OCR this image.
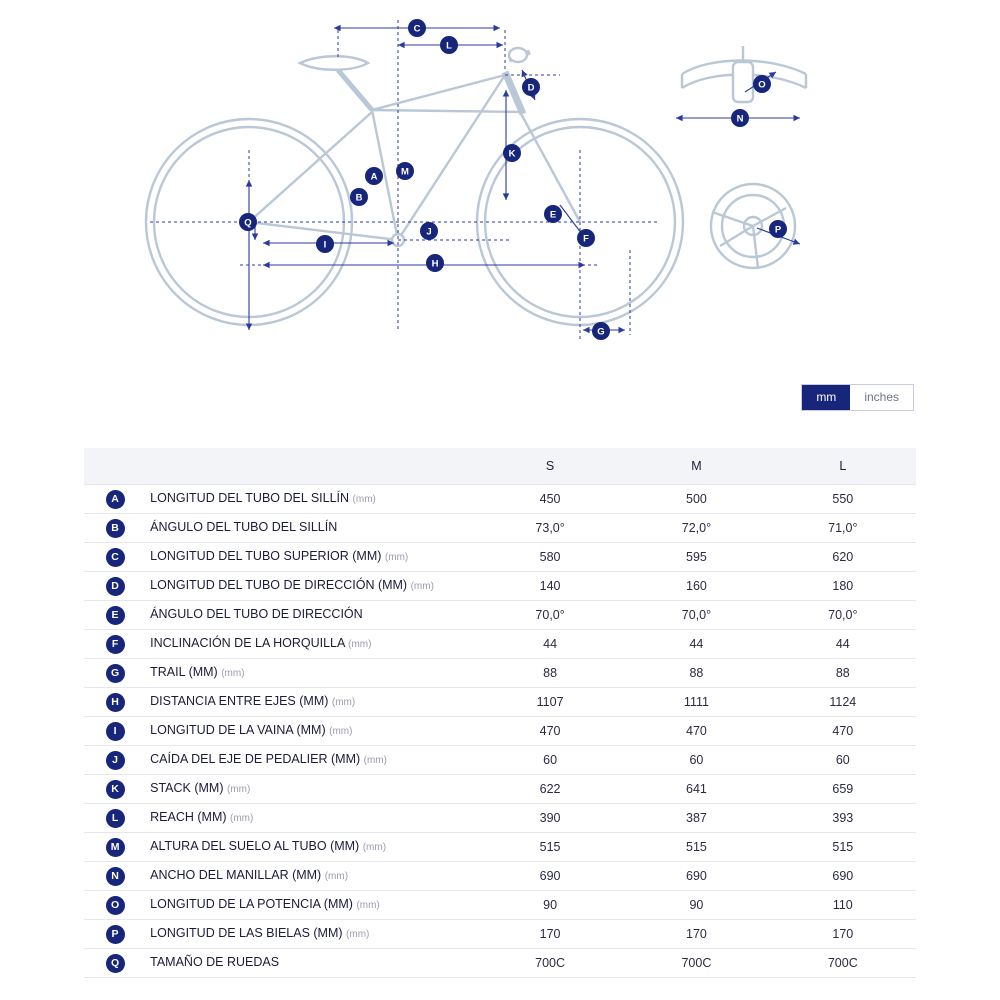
C
L
D
A
B
M
K
Q
J
I
H
E
F
G
O
N
P
mm	inches
		S	M	L
A	LONGITUD DEL TUBO DEL SILLÍN (mm)	450	500	550
B	ÁNGULO DEL TUBO DEL SILLÍN	73,0°	72,0°	71,0°
C	LONGITUD DEL TUBO SUPERIOR (MM) (mm)	580	595	620
D	LONGITUD DEL TUBO DE DIRECCIÓN (MM) (mm)	140	160	180
E	ÁNGULO DEL TUBO DE DIRECCIÓN	70,0°	70,0°	70,0°
F	INCLINACIÓN DE LA HORQUILLA (mm)	44	44	44
G	TRAIL (MM) (mm)	88	88	88
H	DISTANCIA ENTRE EJES (MM) (mm)	1107	1111	1124
I	LONGITUD DE LA VAINA (MM) (mm)	470	470	470
J	CAÍDA DEL EJE DE PEDALIER (MM) (mm)	60	60	60
K	STACK (MM) (mm)	622	641	659
L	REACH (MM) (mm)	390	387	393
M	ALTURA DEL SUELO AL TUBO (MM) (mm)	515	515	515
N	ANCHO DEL MANILLAR (MM) (mm)	690	690	690
O	LONGITUD DE LA POTENCIA (MM) (mm)	90	90	110
P	LONGITUD DE LAS BIELAS (MM) (mm)	170	170	170
Q	TAMAÑO DE RUEDAS	700C	700C	700C
